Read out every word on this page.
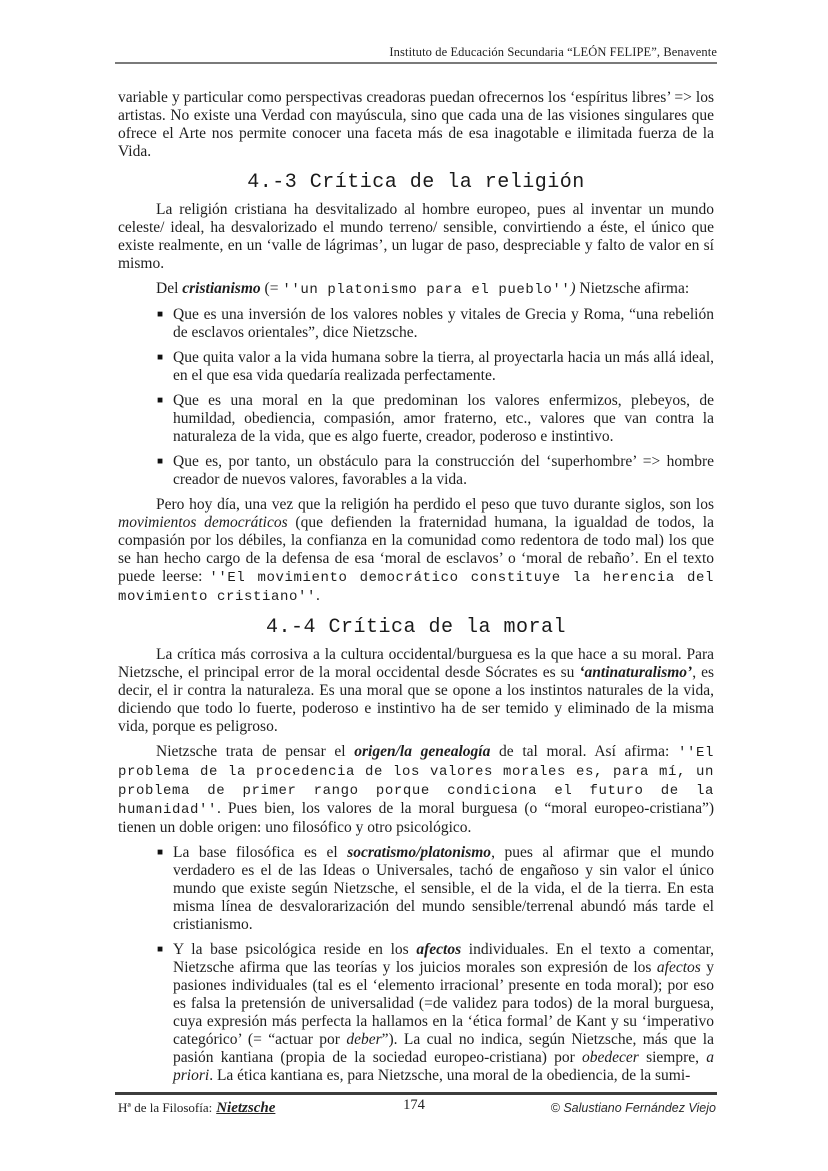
Instituto de Educación Secundaria “LEÓN FELIPE”, Benavente
variable y particular como perspectivas creadoras puedan ofrecernos los ‘espíritus libres’ => los artistas. No existe una Verdad con mayúscula, sino que cada una de las visiones singulares que ofrece el Arte nos permite conocer una faceta más de esa inagotable e ilimitada fuerza de la Vida.
4.-3 Crítica de la religión
La religión cristiana ha desvitalizado al hombre europeo, pues al inventar un mundo celeste/ ideal, ha desvalorizado el mundo terreno/ sensible, convirtiendo a éste, el único que existe realmente, en un ‘valle de lágrimas’, un lugar de paso, despreciable y falto de valor en sí mismo.
Del cristianismo (= ''un platonismo para el pueblo'') Nietzsche afirma:
■ Que es una inversión de los valores nobles y vitales de Grecia y Roma, “una rebelión de esclavos orientales”, dice Nietzsche.
■ Que quita valor a la vida humana sobre la tierra, al proyectarla hacia un más allá ideal, en el que esa vida quedaría realizada perfectamente.
■ Que es una moral en la que predominan los valores enfermizos, plebeyos, de humildad, obediencia, compasión, amor fraterno, etc., valores que van contra la naturaleza de la vida, que es algo fuerte, creador, poderoso e instintivo.
■ Que es, por tanto, un obstáculo para la construcción del ‘superhombre’ => hombre creador de nuevos valores, favorables a la vida.
Pero hoy día, una vez que la religión ha perdido el peso que tuvo durante siglos, son los movimientos democráticos (que defienden la fraternidad humana, la igualdad de todos, la compasión por los débiles, la confianza en la comunidad como redentora de todo mal) los que se han hecho cargo de la defensa de esa ‘moral de esclavos’ o ‘moral de rebaño’. En el texto puede leerse: ''El movimiento democrático constituye la herencia del movimiento cristiano''.
4.-4 Crítica de la moral
La crítica más corrosiva a la cultura occidental/burguesa es la que hace a su moral. Para Nietzsche, el principal error de la moral occidental desde Sócrates es su ‘antinaturalismo’, es decir, el ir contra la naturaleza. Es una moral que se opone a los instintos naturales de la vida, diciendo que todo lo fuerte, poderoso e instintivo ha de ser temido y eliminado de la misma vida, porque es peligroso.
Nietzsche trata de pensar el origen/la genealogía de tal moral. Así afirma: ''El problema de la procedencia de los valores morales es, para mí, un problema de primer rango porque condiciona el futuro de la humanidad''. Pues bien, los valores de la moral burguesa (o “moral europeo-cristiana”) tienen un doble origen: uno filosófico y otro psicológico.
■ La base filosófica es el socratismo/platonismo, pues al afirmar que el mundo verdadero es el de las Ideas o Universales, tachó de engañoso y sin valor el único mundo que existe según Nietzsche, el sensible, el de la vida, el de la tierra. En esta misma línea de desvalorarización del mundo sensible/terrenal abundó más tarde el cristianismo.
■ Y la base psicológica reside en los afectos individuales. En el texto a comentar, Nietzsche afirma que las teorías y los juicios morales son expresión de los afectos y pasiones individuales (tal es el ‘elemento irracional’ presente en toda moral); por eso es falsa la pretensión de universalidad (=de validez para todos) de la moral burguesa, cuya expresión más perfecta la hallamos en la ‘ética formal’ de Kant y su ‘imperativo categórico’ (= “actuar por deber”). La cual no indica, según Nietzsche, más que la pasión kantiana (propia de la sociedad europeo-cristiana) por obedecer siempre, a priori. La ética kantiana es, para Nietzsche, una moral de la obediencia, de la sumi-
Hª de la Filosofía: Nietzsche	174	© Salustiano Fernández Viejo
